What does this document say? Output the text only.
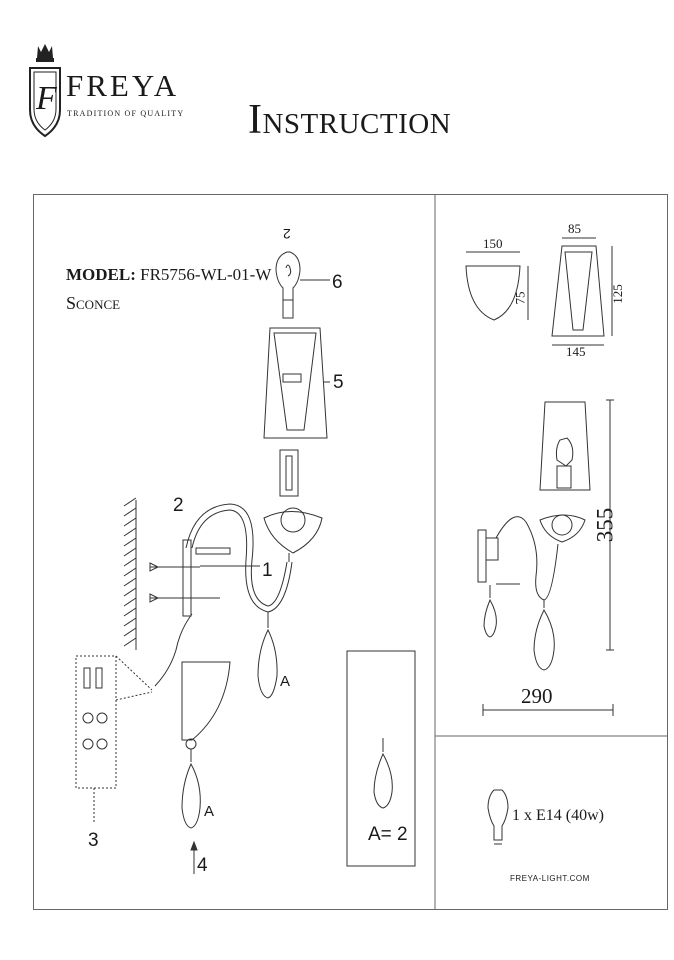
F FREYA
TRADITION OF QUALITY Instruction
MODEL: FR5756-WL-01-W
Sconce
1
2
3
4
5
6
2
A
A
A= 2
150
75
85
125
145
355
290
1 x E14 (40w)
FREYA-LIGHT.COM
